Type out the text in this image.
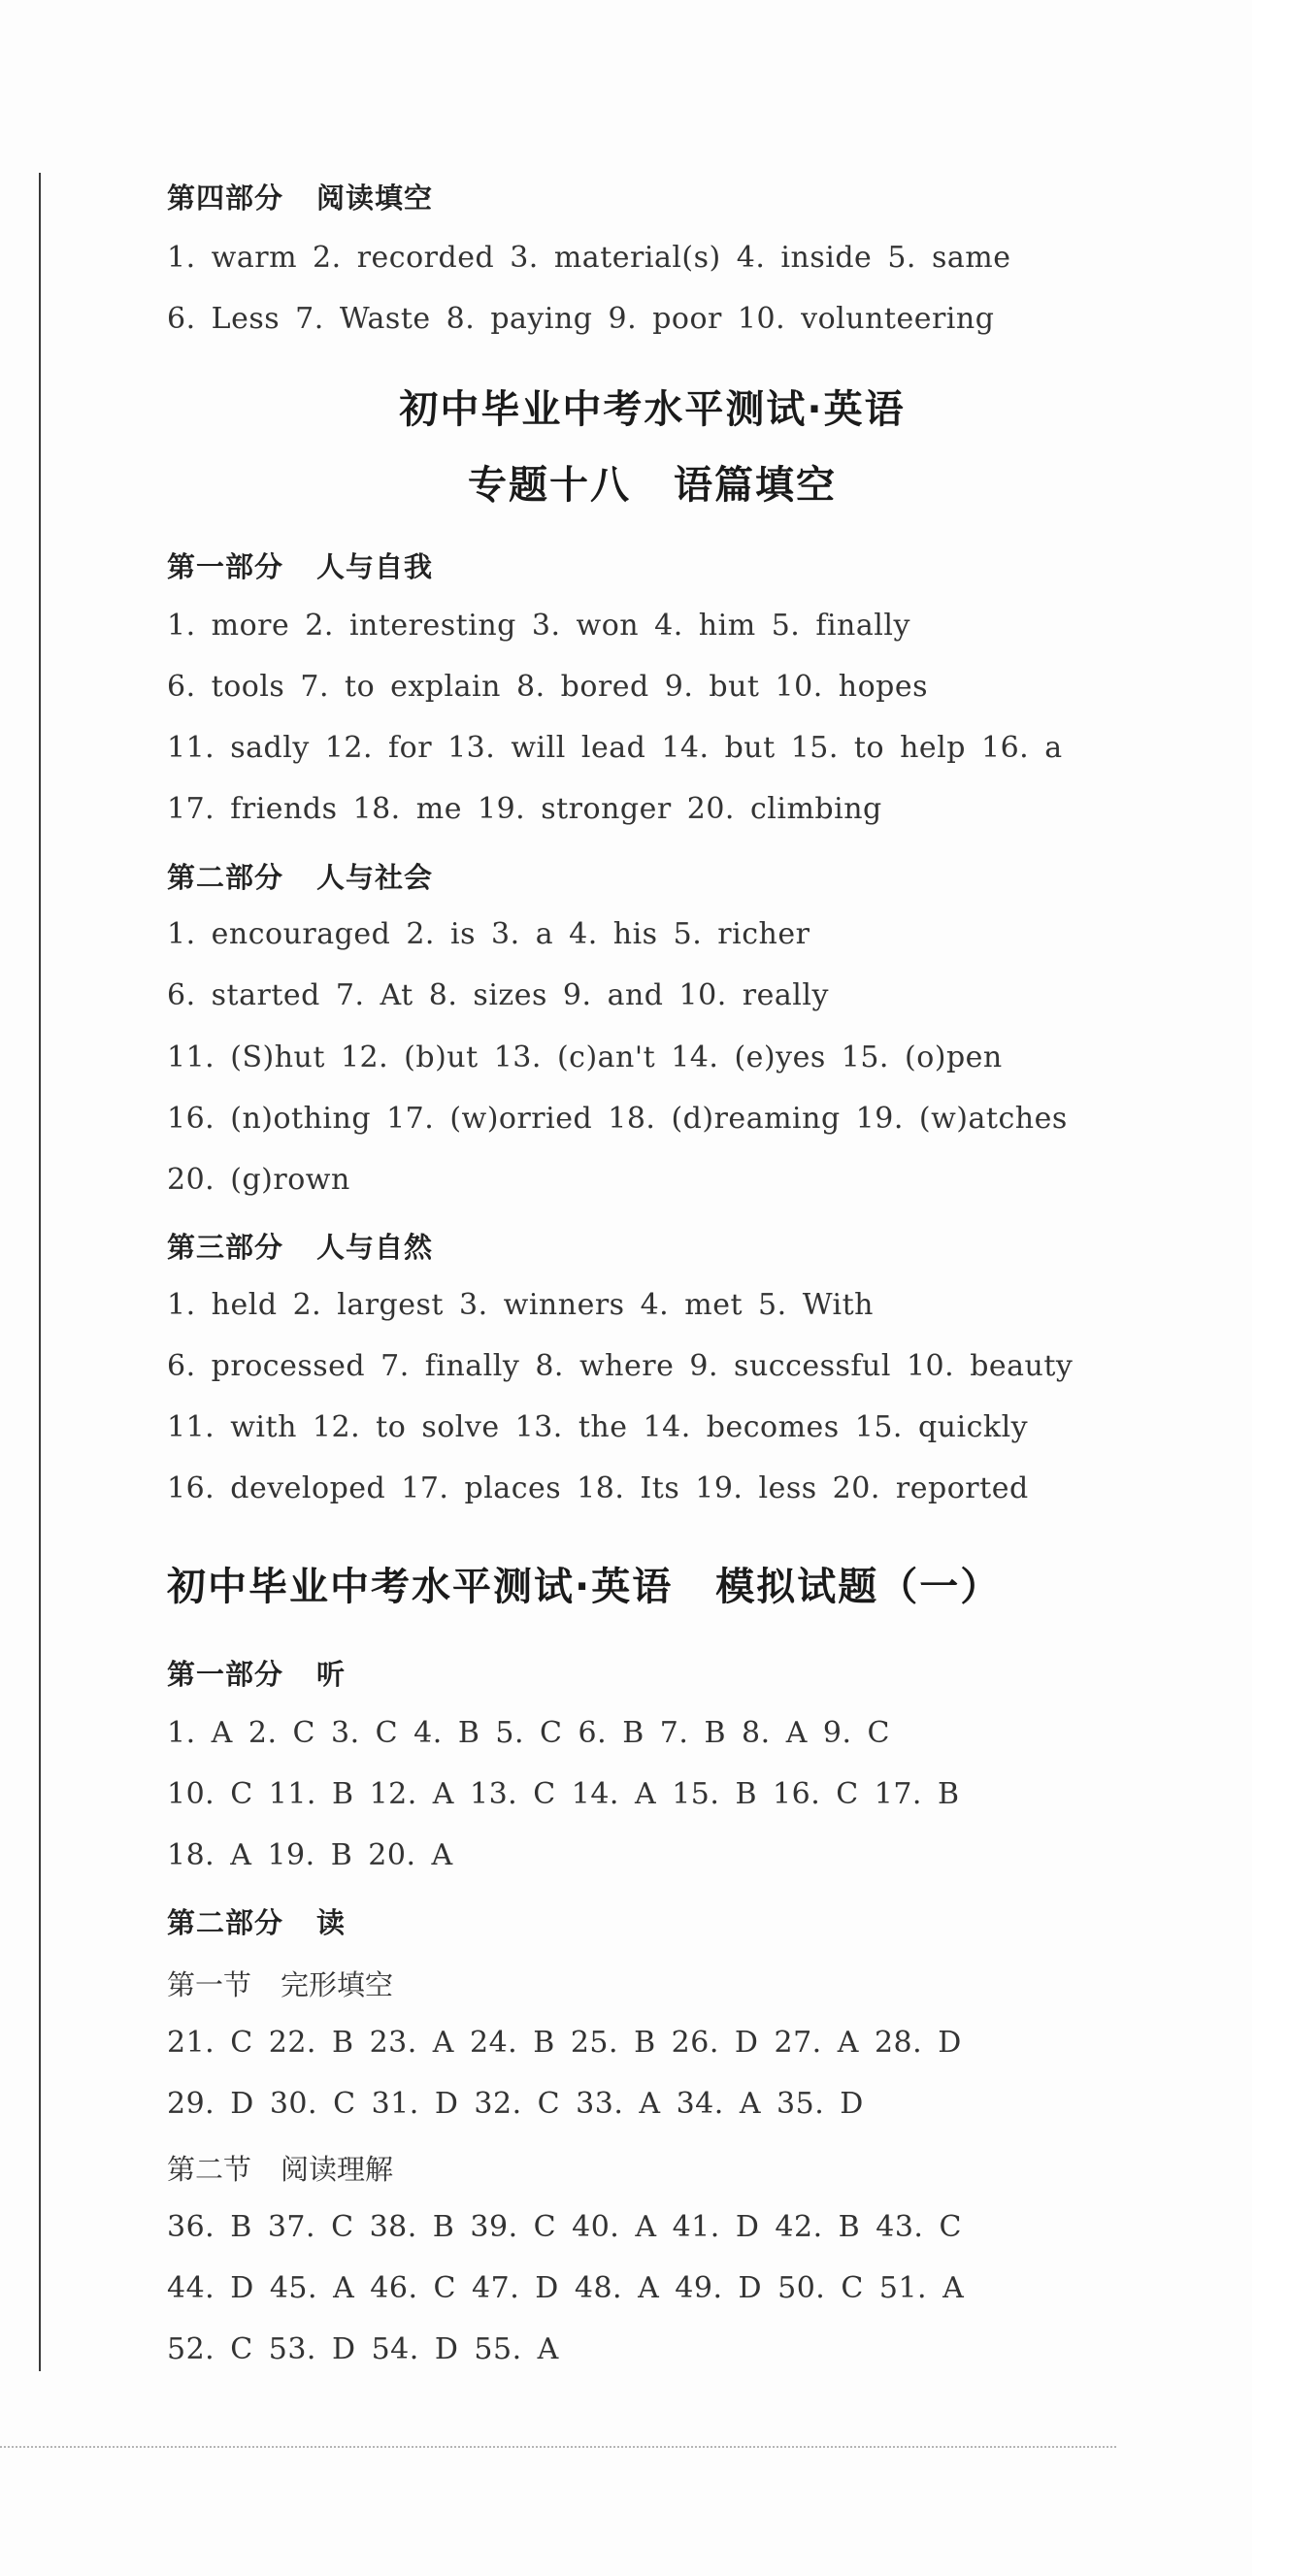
第四部分 阅读填空
1. warm 2. recorded 3. material(s) 4. inside 5. same
6. Less 7. Waste 8. paying 9. poor 10. volunteering
初中毕业中考水平测试·英语
专题十八 语篇填空
第一部分 人与自我
1. more 2. interesting 3. won 4. him 5. finally
6. tools 7. to explain 8. bored 9. but 10. hopes
11. sadly 12. for 13. will lead 14. but 15. to help 16. a
17. friends 18. me 19. stronger 20. climbing
第二部分 人与社会
1. encouraged 2. is 3. a 4. his 5. richer
6. started 7. At 8. sizes 9. and 10. really
11. (S)hut 12. (b)ut 13. (c)an't 14. (e)yes 15. (o)pen
16. (n)othing 17. (w)orried 18. (d)reaming 19. (w)atches
20. (g)rown
第三部分 人与自然
1. held 2. largest 3. winners 4. met 5. With
6. processed 7. finally 8. where 9. successful 10. beauty
11. with 12. to solve 13. the 14. becomes 15. quickly
16. developed 17. places 18. Its 19. less 20. reported
初中毕业中考水平测试·英语 模拟试题（一）
第一部分 听
1. A 2. C 3. C 4. B 5. C 6. B 7. B 8. A 9. C
10. C 11. B 12. A 13. C 14. A 15. B 16. C 17. B
18. A 19. B 20. A
第二部分 读
第一节 完形填空
21. C 22. B 23. A 24. B 25. B 26. D 27. A 28. D
29. D 30. C 31. D 32. C 33. A 34. A 35. D
第二节 阅读理解
36. B 37. C 38. B 39. C 40. A 41. D 42. B 43. C
44. D 45. A 46. C 47. D 48. A 49. D 50. C 51. A
52. C 53. D 54. D 55. A
